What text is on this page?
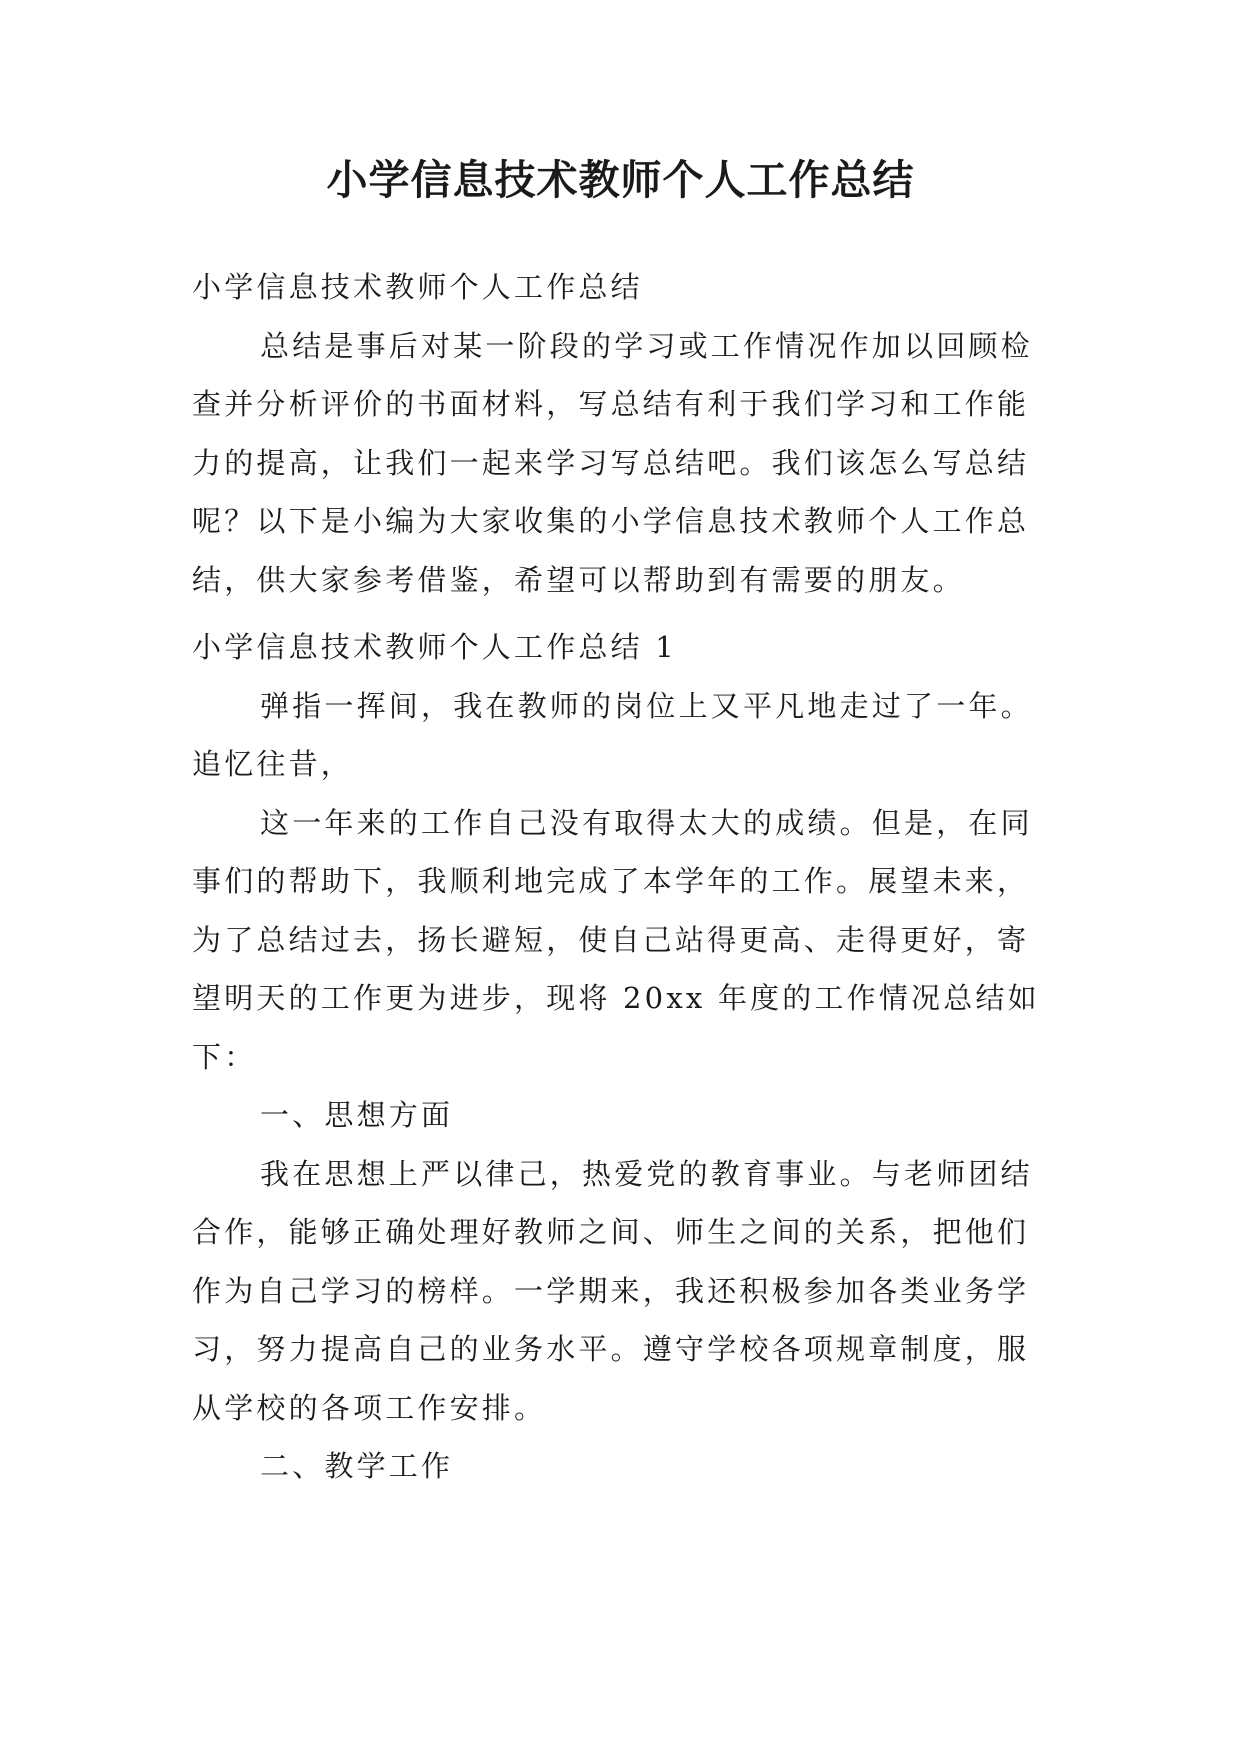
小学信息技术教师个人工作总结

小学信息技术教师个人工作总结

总结是事后对某一阶段的学习或工作情况作加以回顾检查并分析评价的书面材料，写总结有利于我们学习和工作能力的提高，让我们一起来学习写总结吧。我们该怎么写总结呢？以下是小编为大家收集的小学信息技术教师个人工作总结，供大家参考借鉴，希望可以帮助到有需要的朋友。

小学信息技术教师个人工作总结 1

弹指一挥间，我在教师的岗位上又平凡地走过了一年。追忆往昔，

这一年来的工作自己没有取得太大的成绩。但是，在同事们的帮助下，我顺利地完成了本学年的工作。展望未来，为了总结过去，扬长避短，使自己站得更高、走得更好，寄望明天的工作更为进步，现将 20xx 年度的工作情况总结如下：

一、思想方面

我在思想上严以律己，热爱党的教育事业。与老师团结合作，能够正确处理好教师之间、师生之间的关系，把他们作为自己学习的榜样。一学期来，我还积极参加各类业务学习，努力提高自己的业务水平。遵守学校各项规章制度，服从学校的各项工作安排。

二、教学工作
